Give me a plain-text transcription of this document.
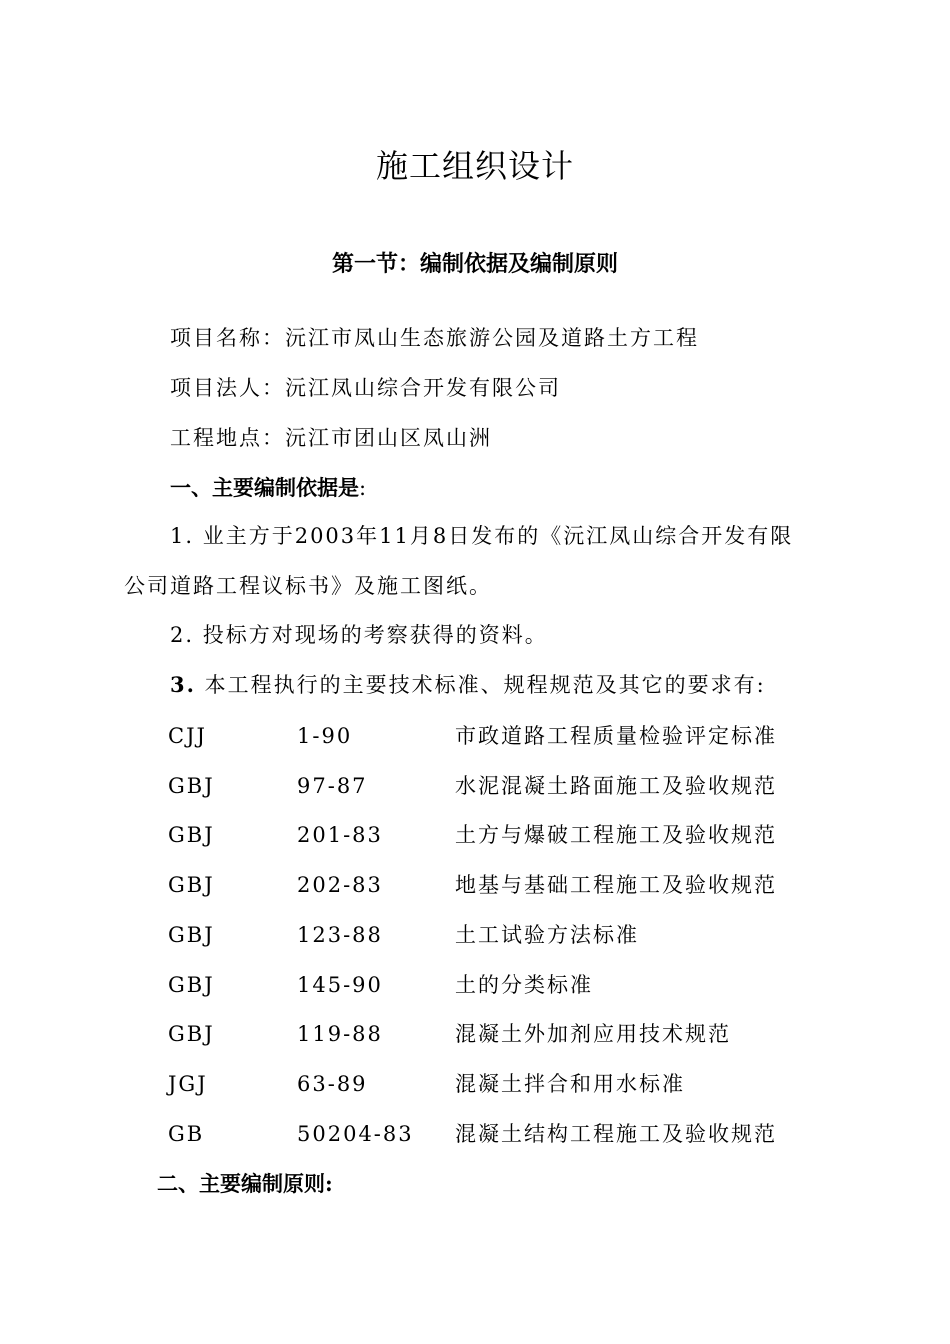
施工组织设计
第一节：编制依据及编制原则
项目名称：沅江市凤山生态旅游公园及道路土方工程
项目法人：沅江凤山综合开发有限公司
工程地点：沅江市团山区凤山洲
一、主要编制依据是:
1. 业主方于2003年11月8日发布的《沅江凤山综合开发有限
公司道路工程议标书》及施工图纸。
2. 投标方对现场的考察获得的资料。
3. 本工程执行的主要技术标准、规程规范及其它的要求有:
CJJ	1-90	市政道路工程质量检验评定标准
GBJ	97-87	水泥混凝土路面施工及验收规范
GBJ	201-83	土方与爆破工程施工及验收规范
GBJ	202-83	地基与基础工程施工及验收规范
GBJ	123-88	土工试验方法标准
GBJ	145-90	土的分类标准
GBJ	119-88	混凝土外加剂应用技术规范
JGJ	63-89	混凝土拌合和用水标准
GB	50204-83 混凝土结构工程施工及验收规范
二、主要编制原则:
